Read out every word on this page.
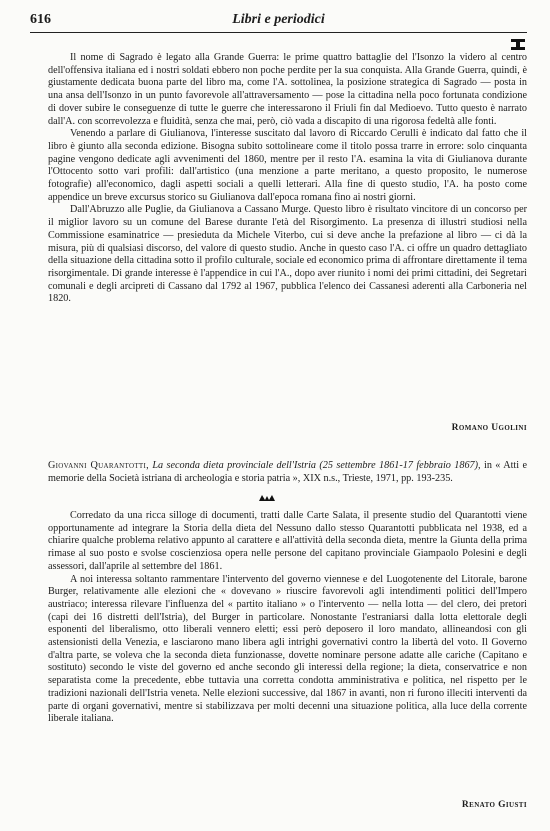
616	Libri e periodici

Il nome di Sagrado è legato alla Grande Guerra: le prime quattro battaglie del l'Isonzo la videro al centro dell'offensiva italiana ed i nostri soldati ebbero non poche perdite per la sua conquista. Alla Grande Guerra, quindi, è giustamente dedicata buona parte del libro ma, come l'A. sottolinea, la posizione strategica di Sagrado — posta in una ansa dell'Isonzo in un punto favorevole all'attraversamento — pose la cittadina nella poco fortunata condizione di dover subire le conseguenze di tutte le guerre che interessarono il Friuli fin dal Medioevo. Tutto questo è narrato dall'A. con scorrevolezza e fluidità, senza che mai, però, ciò vada a discapito di una rigorosa fedeltà alle fonti.

Venendo a parlare di Giulianova, l'interesse suscitato dal lavoro di Riccardo Cerulli è indicato dal fatto che il libro è giunto alla seconda edizione. Bisogna subito sottolineare come il titolo possa trarre in errore: solo cinquanta pagine vengono dedicate agli avvenimenti del 1860, mentre per il resto l'A. esamina la vita di Giulianova durante l'Ottocento sotto vari profili: dall'artistico (una menzione a parte meritano, a questo proposito, le numerose fotografie) all'economico, dagli aspetti sociali a quelli letterari. Alla fine di questo studio, l'A. ha posto come appendice un breve excursus storico su Giulianova dall'epoca romana fino ai nostri giorni.

Dall'Abruzzo alle Puglie, da Giulianova a Cassano Murge. Questo libro è risultato vincitore di un concorso per il miglior lavoro su un comune del Barese durante l'età del Risorgimento. La presenza di illustri studiosi nella Commissione esaminatrice — presieduta da Michele Viterbo, cui si deve anche la prefazione al libro — ci dà la misura, più di qualsiasi discorso, del valore di questo studio. Anche in questo caso l'A. ci offre un quadro dettagliato della situazione della cittadina sotto il profilo culturale, sociale ed economico prima di affrontare direttamente il tema risorgimentale. Di grande interesse è l'appendice in cui l'A., dopo aver riunito i nomi dei primi cittadini, dei Segretari comunali e degli arcipreti di Cassano dal 1792 al 1967, pubblica l'elenco dei Cassanesi aderenti alla Carboneria nel 1820.

Romano Ugolini
Giovanni Quarantotti, La seconda dieta provinciale dell'Istria (25 settembre 1861-17 febbraio 1867), in « Atti e memorie della Società istriana di archeologia e storia patria », XIX n.s., Trieste, 1971, pp. 193-235.

Corredato da una ricca silloge di documenti, tratti dalle Carte Salata, il presente studio del Quarantotti viene opportunamente ad integrare la Storia della dieta del Nessuno dallo stesso Quarantotti pubblicata nel 1938, ed a chiarire qualche problema relativo appunto al carattere e all'attività della seconda dieta, mentre la Giunta della prima rimase al suo posto e svolse coscienziosa opera nelle persone del capitano provinciale Giampaolo Polesini e degli assessori, dall'aprile al settembre del 1861.

A noi interessa soltanto rammentare l'intervento del governo viennese e del Luogotenente del Litorale, barone Burger, relativamente alle elezioni che « dovevano » riuscire favorevoli agli intendimenti politici dell'Impero austriaco; interessa rilevare l'influenza del « partito italiano » o l'intervento — nella lotta — del clero, dei pretori (capi dei 16 distretti dell'Istria), del Burger in particolare. Nonostante l'estraniarsi dalla lotta elettorale degli esponenti del liberalismo, otto liberali vennero eletti; essi però deposero il loro mandato, allineandosi con gli astensionisti della Venezia, e lasciarono mano libera agli intrighi governativi contro la libertà del voto. Il Governo d'altra parte, se voleva che la seconda dieta funzionasse, dovette nominare persone adatte alle cariche (Capitano e sostituto) secondo le viste del governo ed anche secondo gli interessi della regione; la dieta, conservatrice e non separatista come la precedente, ebbe tuttavia una corretta condotta amministrativa e politica, nel rispetto per le tradizioni nazionali dell'Istria veneta. Nelle elezioni successive, dal 1867 in avanti, non ri furono illeciti interventi da parte di organi governativi, mentre si stabilizzava per molti decenni una situazione politica, alla luce della corrente liberale italiana.

Renato Giusti
